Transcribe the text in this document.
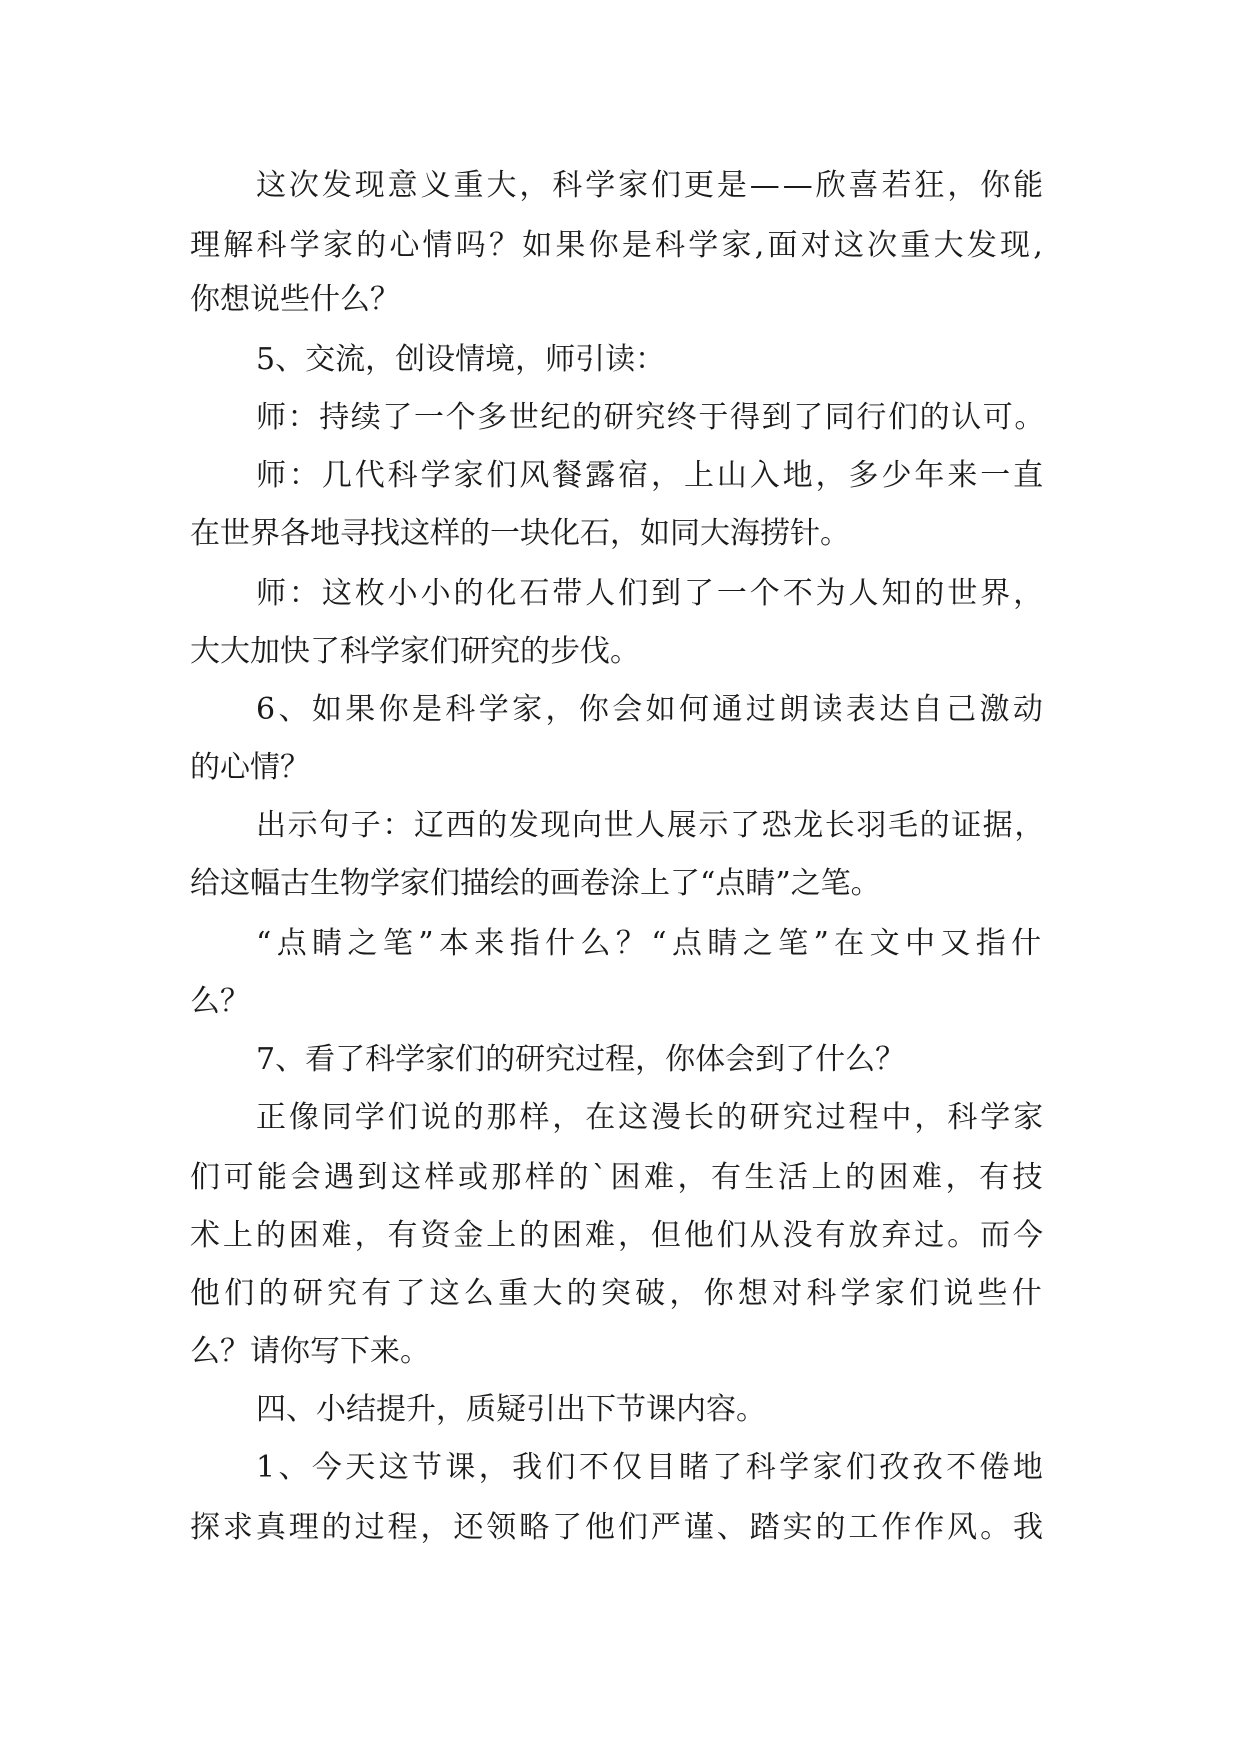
这次发现意义重大，科学家们更是——欣喜若狂，你能
理解科学家的心情吗？如果你是科学家,面对这次重大发现,
你想说些什么？
5、交流，创设情境，师引读：
师：持续了一个多世纪的研究终于得到了同行们的认可。
师：几代科学家们风餐露宿，上山入地，多少年来一直
在世界各地寻找这样的一块化石，如同大海捞针。
师：这枚小小的化石带人们到了一个不为人知的世界，
大大加快了科学家们研究的步伐。
6、如果你是科学家，你会如何通过朗读表达自己激动
的心情？
出示句子：辽西的发现向世人展示了恐龙长羽毛的证据，
给这幅古生物学家们描绘的画卷涂上了“点睛”之笔。
“点睛之笔”本来指什么？“点睛之笔”在文中又指什
么？
7、看了科学家们的研究过程，你体会到了什么？
正像同学们说的那样，在这漫长的研究过程中，科学家
们可能会遇到这样或那样的`困难，有生活上的困难，有技
术上的困难，有资金上的困难，但他们从没有放弃过。而今
他们的研究有了这么重大的突破，你想对科学家们说些什
么？请你写下来。
四、小结提升，质疑引出下节课内容。
1、今天这节课，我们不仅目睹了科学家们孜孜不倦地
探求真理的过程，还领略了他们严谨、踏实的工作作风。我
